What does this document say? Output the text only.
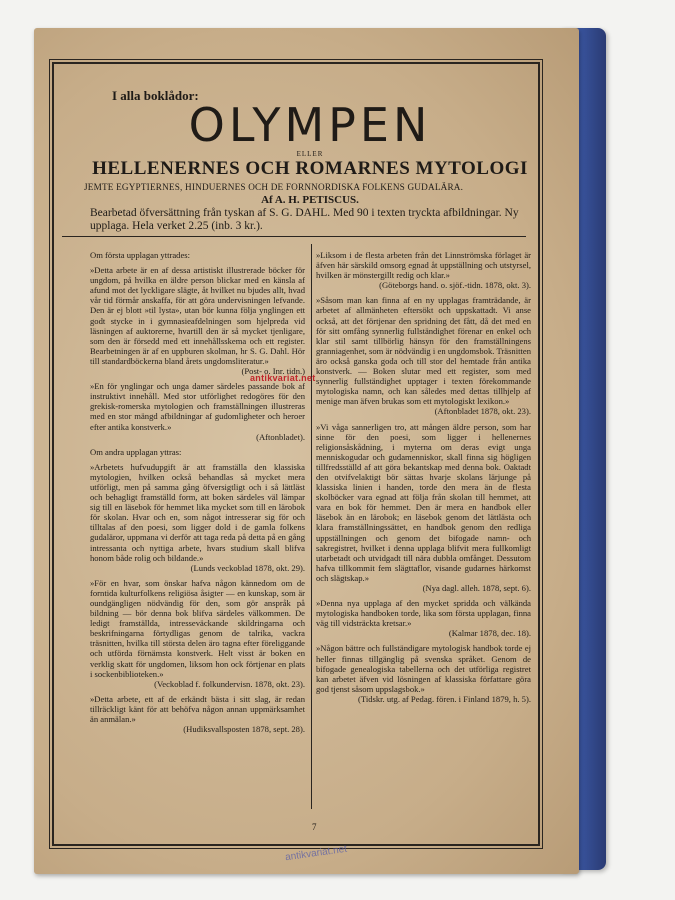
I alla boklådor:
OLYMPEN
ELLER
HELLENERNES OCH ROMARNES MYTOLOGI
JEMTE EGYPTIERNES, HINDUERNES OCH DE FORNNORDISKA FOLKENS GUDALÄRA.
Af A. H. PETISCUS.
Bearbetad öfversättning från tyskan af S. G. DAHL. Med 90 i texten tryckta afbildningar. Ny upplaga. Hela verket 2.25 (inb. 3 kr.).

Om första upplagan yttrades:

»Detta arbete är en af dessa artistiskt illustrerade böcker för ungdom, på hvilka en äldre person blickar med en känsla af afund mot det lyckligare slägte, åt hvilket nu bjudes allt, hvad vår tid förmår anskaffa, för att göra undervisningen lefvande. Den är ej blott »til lysta», utan bör kunna följa ynglingen ett godt stycke in i gymnasieafdelningen som hjelpreda vid läsningen af auktorerne, hvartill den är så mycket tjenligare, som den är försedd med ett innehållsskema och ett register. Bearbetningen är af en uppburen skolman, hr S. G. Dahl. Hör till standardböckerna bland årets ungdomsliteratur.»
(Post- o. Inr. tidn.)

»En för ynglingar och unga damer särdeles passande bok af instruktivt innehåll. Med stor utförlighet redogöres för den grekisk-romerska mytologien och framställningen illustreras med en stor mängd afbildningar af gudomligheter och heroer efter antika konstverk.»
(Aftonbladet).

Om andra upplagan yttras:

»Arbetets hufvudupgift är att framställa den klassiska mytologien, hvilken också behandlas så mycket mera utförligt, men på samma gång öfversigtligt och i så lättläst och behagligt framställd form, att boken särdeles väl lämpar sig till en läsebok för hemmet lika mycket som till en lärobok för skolan. Hvar och en, som något intresserar sig för och tilltalas af den poesi, som ligger dold i de gamla folkens gudaläror, uppmana vi derför att taga reda på detta på en gång intressanta och nyttiga arbete, hvars studium skall blifva honom både rolig och bildande.»
(Lunds veckoblad 1878, okt. 29).

»För en hvar, som önskar hafva någon kännedom om de forntida kulturfolkens religiösa åsigter — en kunskap, som är oundgängligen nödvändig för den, som gör anspråk på bildning — bör denna bok blifva särdeles välkommen. De ledigt framställda, intresseväckande skildringarna och beskrifningarna förtydligas genom de talrika, vackra träsnitten, hvilka till största delen äro tagna efter föreliggande och utförda förnämsta konstverk. Helt visst är boken en verklig skatt för ungdomen, liksom hon ock förtjenar en plats i sockenbiblioteken.»
(Veckoblad f. folkundervisn. 1878, okt. 23).

»Detta arbete, ett af de erkändt bästa i sitt slag, är redan tillräckligt känt för att behöfva någon annan uppmärksamhet än anmälan.»
(Hudiksvallsposten 1878, sept. 28).

»Liksom i de flesta arbeten från det Linnströmska förlaget är äfven här särskild omsorg egnad åt uppställning och utstyrsel, hvilken är mönstergillt redig och klar.»
(Göteborgs hand. o. sjöf.-tidn. 1878, okt. 3).

»Såsom man kan finna af en ny upplagas framträdande, är arbetet af allmänheten eftersökt och uppskattadt. Vi anse också, att det förtjenar den spridning det fått, då det med en för sitt omfång synnerlig fullständighet förenar en enkel och klar stil samt tillbörlig hänsyn för den framställningens granniagenhet, som är nödvändig i en ungdomsbok. Träsnitten äro också ganska goda och till stor del hemtade från antika konstverk. — Boken slutar med ett register, som med synnerlig fullständighet upptager i texten förekommande mytologiska namn, och kan således med dettas tillhjelp af menige man äfven brukas som ett mytologiskt lexikon.»
(Aftonbladet 1878, okt. 23).

»Vi våga sannerligen tro, att mången äldre person, som har sinne för den poesi, som ligger i hellenernes religionsåskådning, i myterna om deras evigt unga menniskogudar och gudamenniskor, skall finna sig högligen tillfredsställd af att göra bekantskap med denna bok. Oaktadt den otvifvelaktigt bör sättas hvarje skolans lärjunge på klassiska linien i handen, torde den mera än de flesta skolböcker vara egnad att följa från skolan till hemmet, att vara en bok för hemmet. Den är mera en handbok eller läsebok än en lärobok; en läsebok genom det lättlästa och klara framställningssättet, en handbok genom den redliga uppställningen och genom det bifogade namn- och sakregistret, hvilket i denna upplaga blifvit mera fullkomligt utarbetadt och utvidgadt till nära dubbla omfånget. Dessutom hafva tillkommit fem slägttaflor, visande gudarnes härkomst och slägtskap.»
(Nya dagl. alleh. 1878, sept. 6).

»Denna nya upplaga af den mycket spridda och välkända mytologiska handboken torde, lika som första upplagan, finna väg till vidsträckta kretsar.»
(Kalmar 1878, dec. 18).

»Någon bättre och fullständigare mytologisk handbok torde ej heller finnas tillgänglig på svenska språket. Genom de bifogade genealogiska tabellerna och det utförliga registret kan arbetet äfven vid lösningen af klassiska författare göra god tjenst såsom uppslagsbok.»
(Tidskr. utg. af Pedag. fören. i Finland 1879, h. 5).

7
antikvariat.net
antikvariat.net
